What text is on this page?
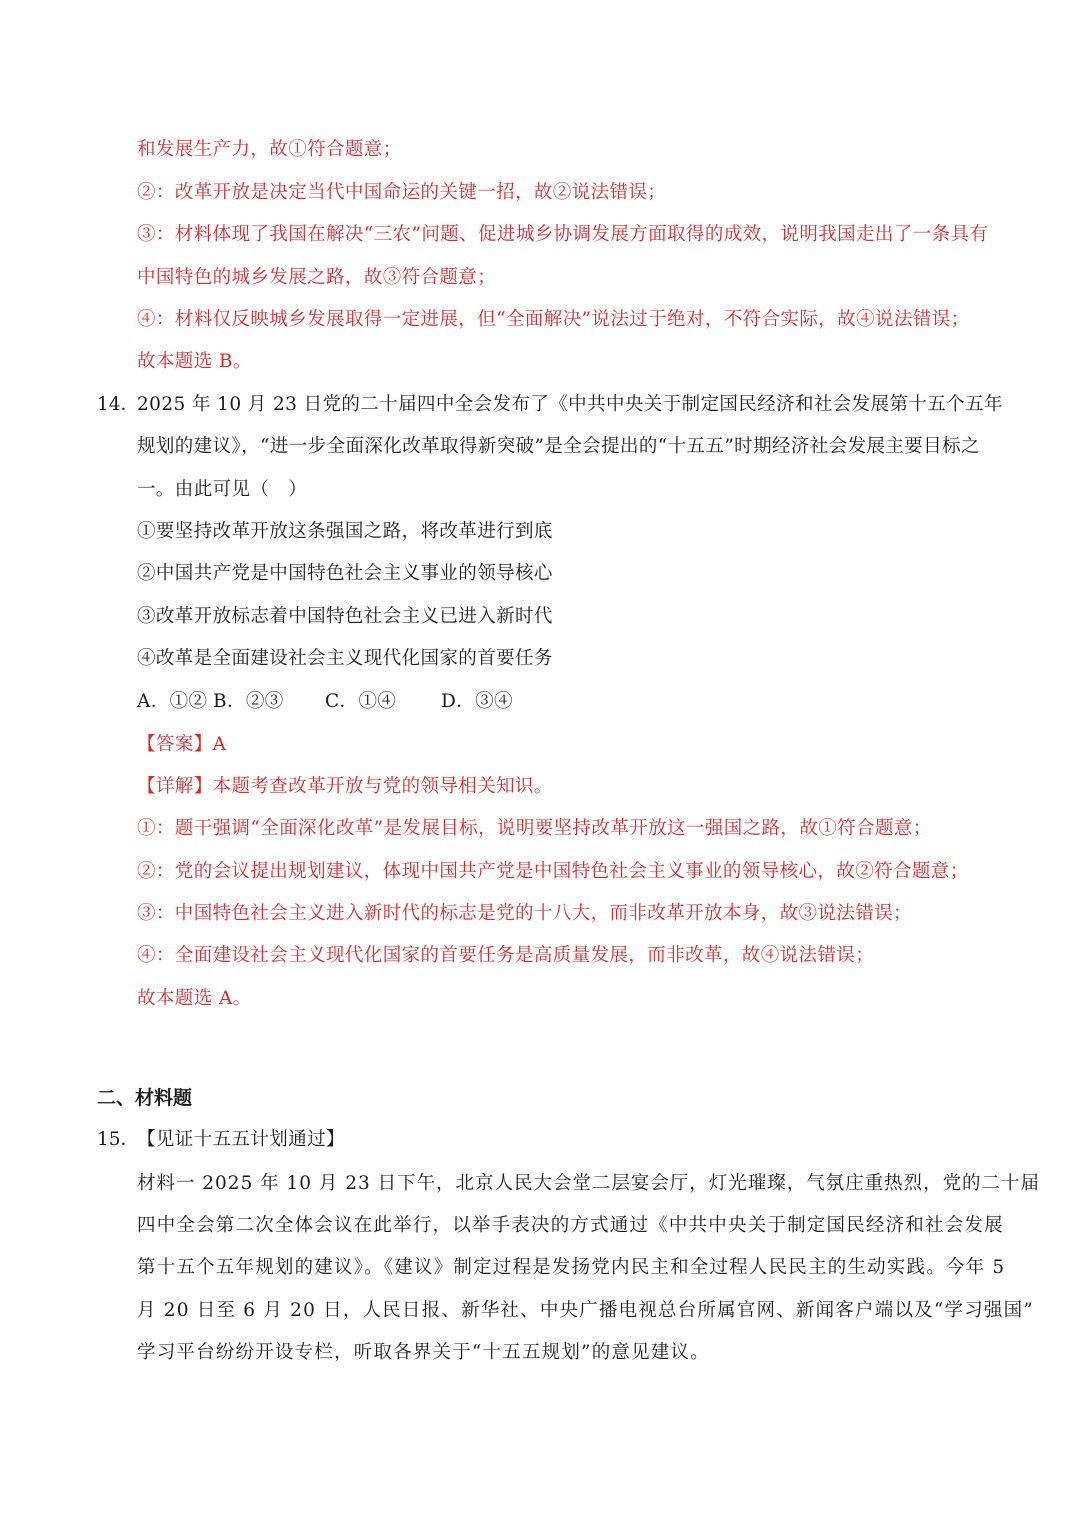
和发展生产力，故①符合题意；
②：改革开放是决定当代中国命运的关键一招，故②说法错误；
③：材料体现了我国在解决“三农”问题、促进城乡协调发展方面取得的成效，说明我国走出了一条具有
中国特色的城乡发展之路，故③符合题意；
④：材料仅反映城乡发展取得一定进展，但“全面解决”说法过于绝对，不符合实际，故④说法错误；
故本题选 B。
14．
2025 年 10 月 23 日党的二十届四中全会发布了《中共中央关于制定国民经济和社会发展第十五个五年
规划的建议》，“进一步全面深化改革取得新突破”是全会提出的“十五五”时期经济社会发展主要目标之
一。由此可见（　）
①要坚持改革开放这条强国之路，将改革进行到底
②中国共产党是中国特色社会主义事业的领导核心
③改革开放标志着中国特色社会主义已进入新时代
④改革是全面建设社会主义现代化国家的首要任务
A．①② B．②③ C．①④ D．③④
【答案】A
【详解】本题考查改革开放与党的领导相关知识。
①：题干强调“全面深化改革”是发展目标，说明要坚持改革开放这一强国之路，故①符合题意；
②：党的会议提出规划建议，体现中国共产党是中国特色社会主义事业的领导核心，故②符合题意；
③：中国特色社会主义进入新时代的标志是党的十八大，而非改革开放本身，故③说法错误；
④：全面建设社会主义现代化国家的首要任务是高质量发展，而非改革，故④说法错误；
故本题选 A。
二、材料题
15．
【见证十五五计划通过】
材料一 2025 年 10 月 23 日下午，北京人民大会堂二层宴会厅，灯光璀璨，气氛庄重热烈，党的二十届
四中全会第二次全体会议在此举行，以举手表决的方式通过《中共中央关于制定国民经济和社会发展
第十五个五年规划的建议》。《建议》制定过程是发扬党内民主和全过程人民民主的生动实践。今年 5
月 20 日至 6 月 20 日，人民日报、新华社、中央广播电视总台所属官网、新闻客户端以及“学习强国”
学习平台纷纷开设专栏，听取各界关于“十五五规划”的意见建议。
